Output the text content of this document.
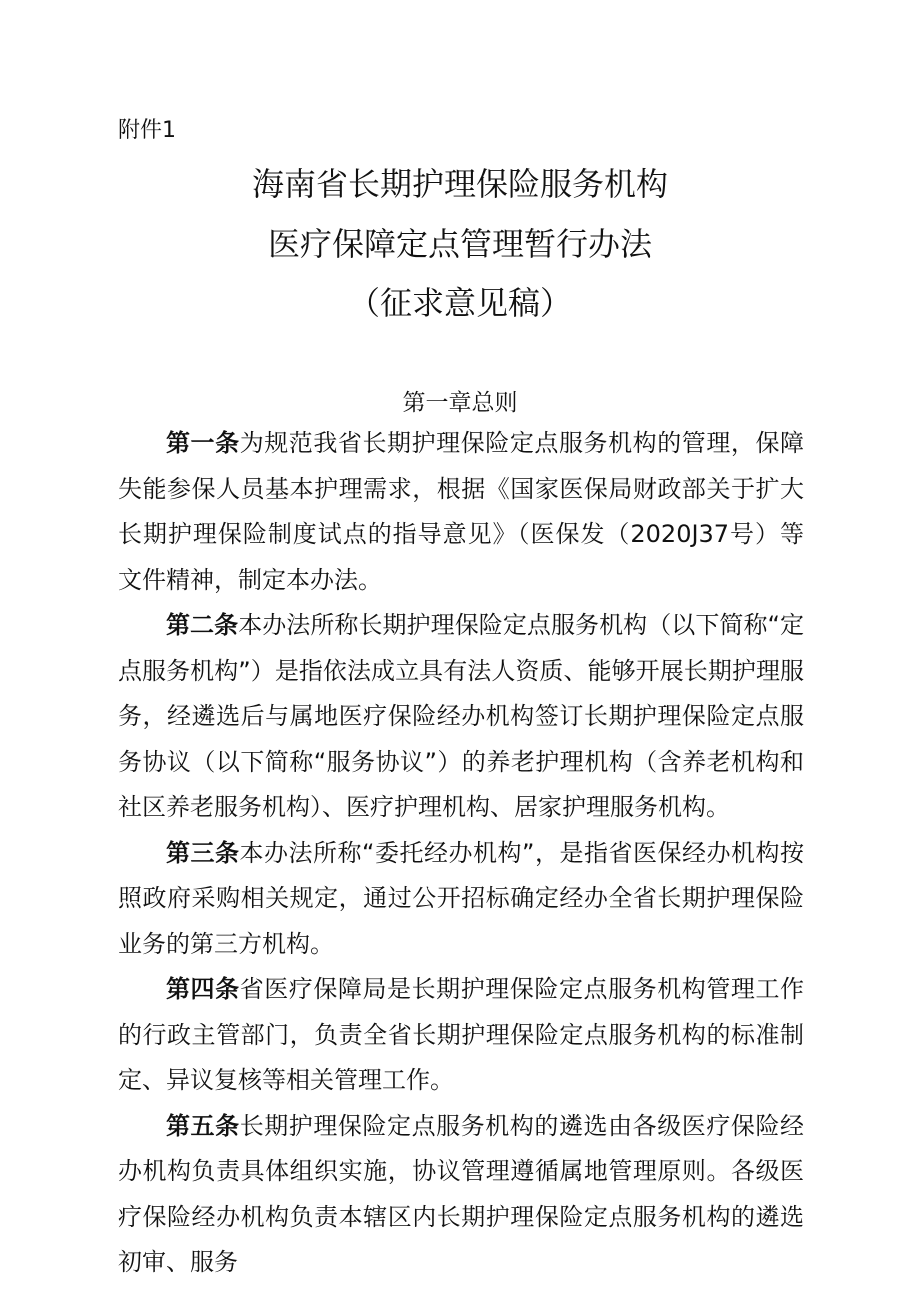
附件1
海南省长期护理保险服务机构
医疗保障定点管理暂行办法
（征求意见稿）
第一章总则

第一条为规范我省长期护理保险定点服务机构的管理，保障失能参保人员基本护理需求，根据《国家医保局财政部关于扩大长期护理保险制度试点的指导意见》（医保发（2020J37号）等文件精神，制定本办法。

第二条本办法所称长期护理保险定点服务机构（以下简称“定点服务机构”）是指依法成立具有法人资质、能够开展长期护理服务，经遴选后与属地医疗保险经办机构签订长期护理保险定点服务协议（以下简称“服务协议”）的养老护理机构（含养老机构和社区养老服务机构）、医疗护理机构、居家护理服务机构。

第三条本办法所称“委托经办机构”，是指省医保经办机构按照政府采购相关规定，通过公开招标确定经办全省长期护理保险业务的第三方机构。

第四条省医疗保障局是长期护理保险定点服务机构管理工作的行政主管部门，负责全省长期护理保险定点服务机构的标准制定、异议复核等相关管理工作。

第五条长期护理保险定点服务机构的遴选由各级医疗保险经办机构负责具体组织实施，协议管理遵循属地管理原则。各级医疗保险经办机构负责本辖区内长期护理保险定点服务机构的遴选初审、服务
